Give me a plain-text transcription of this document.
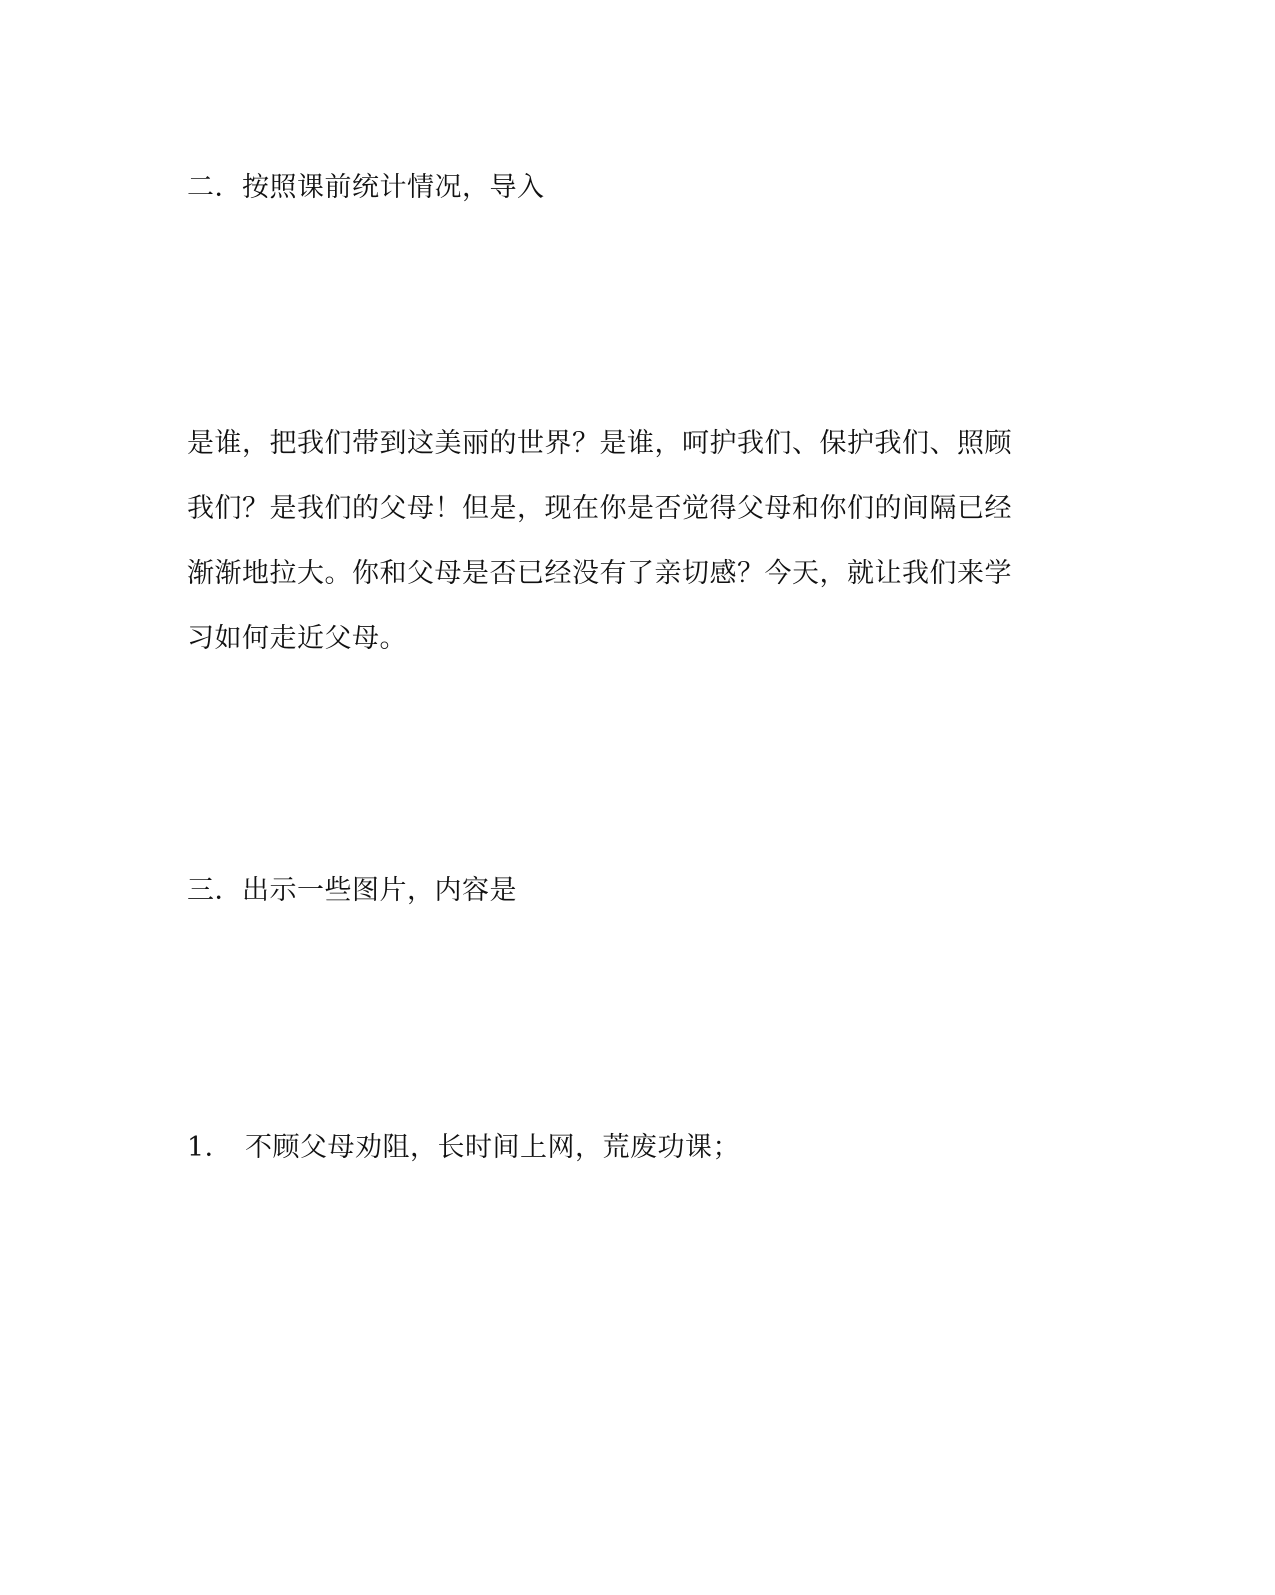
二．按照课前统计情况，导入
是谁，把我们带到这美丽的世界？是谁，呵护我们、保护我们、照顾
我们？是我们的父母！但是，现在你是否觉得父母和你们的间隔已经
渐渐地拉大。你和父母是否已经没有了亲切感？今天，就让我们来学
习如何走近父母。
三．出示一些图片，内容是
1． 不顾父母劝阻，长时间上网，荒废功课；
